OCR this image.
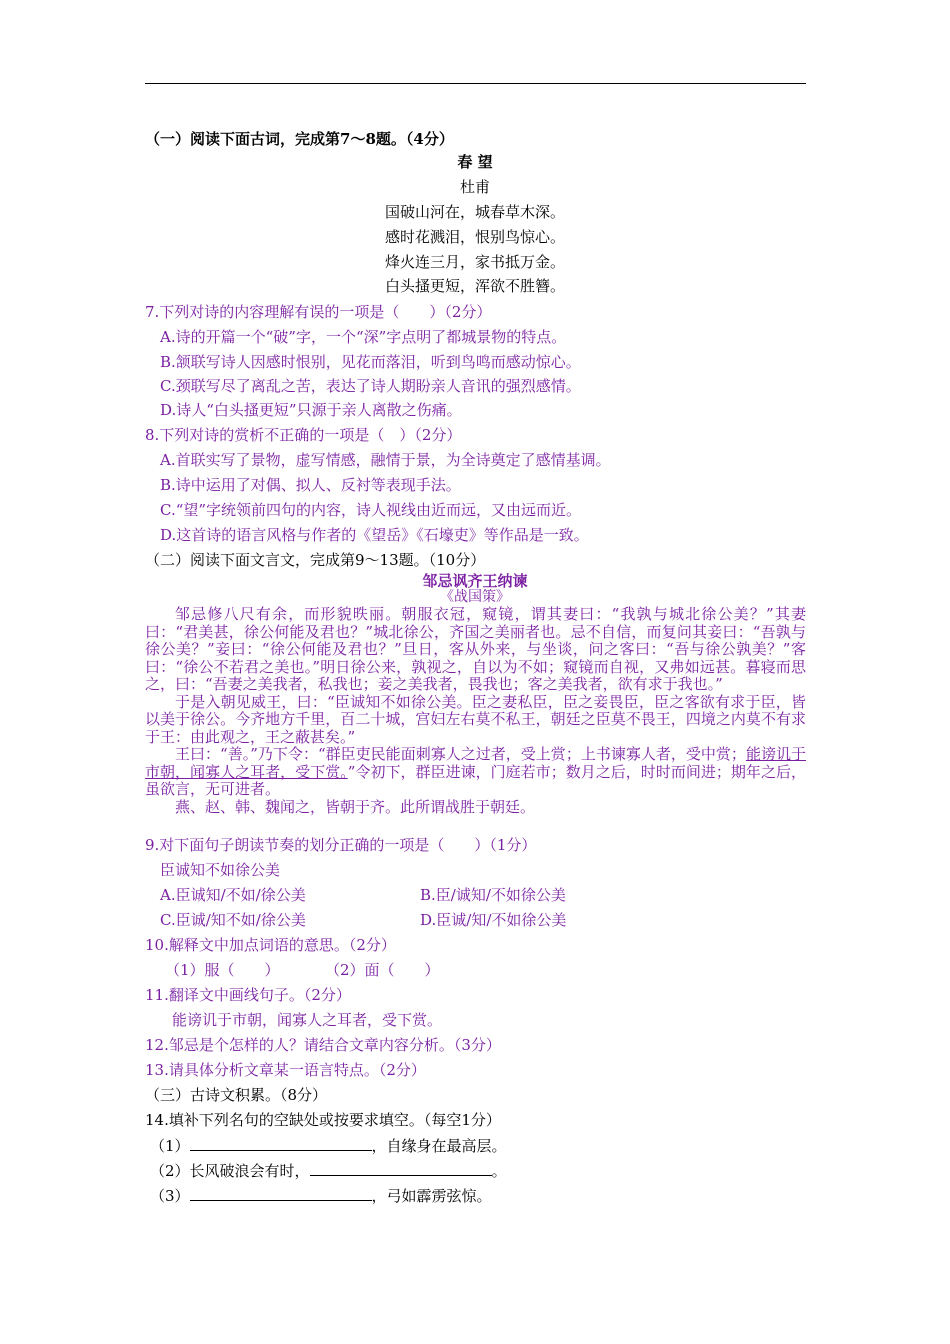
（一）阅读下面古词，完成第7～8题。（4分）
春 望
杜甫
国破山河在，城春草木深。
感时花溅泪，恨别鸟惊心。
烽火连三月，家书抵万金。
白头搔更短，浑欲不胜簪。
7.下列对诗的内容理解有误的一项是（　　）（2分）
A.诗的开篇一个“破”字，一个“深”字点明了都城景物的特点。
B.颔联写诗人因感时恨别，见花而落泪，听到鸟鸣而感动惊心。
C.颈联写尽了离乱之苦，表达了诗人期盼亲人音讯的强烈感情。
D.诗人“白头搔更短”只源于亲人离散之伤痛。
8.下列对诗的赏析不正确的一项是（　）（2分）
A.首联实写了景物，虚写情感，融情于景，为全诗奠定了感情基调。
B.诗中运用了对偶、拟人、反衬等表现手法。
C.“望”字统领前四句的内容，诗人视线由近而远，又由远而近。
D.这首诗的语言风格与作者的《望岳》《石壕吏》等作品是一致。
（二）阅读下面文言文，完成第9～13题。（10分）
邹忌讽齐王纳谏
《战国策》

邹忌修八尺有余，而形貌昳丽。朝服衣冠，窥镜，谓其妻曰：“我孰与城北徐公美？”其妻曰：“君美甚，徐公何能及君也？”城北徐公，齐国之美丽者也。忌不自信，而复问其妾曰：“吾孰与徐公美？”妾曰：“徐公何能及君也？”旦日，客从外来，与坐谈，问之客曰：“吾与徐公孰美？”客曰：“徐公不若君之美也。”明日徐公来，孰视之，自以为不如；窥镜而自视，又弗如远甚。暮寝而思之，曰：“吾妻之美我者，私我也；妾之美我者，畏我也；客之美我者，欲有求于我也。”

于是入朝见威王，曰：“臣诚知不如徐公美。臣之妻私臣，臣之妾畏臣，臣之客欲有求于臣，皆以美于徐公。今齐地方千里，百二十城，宫妇左右莫不私王，朝廷之臣莫不畏王，四境之内莫不有求于王：由此观之，王之蔽甚矣。”

王曰：“善。”乃下令：“群臣吏民能面刺寡人之过者，受上赏；上书谏寡人者，受中赏；能谤讥于市朝，闻寡人之耳者，受下赏。”令初下，群臣进谏，门庭若市；数月之后，时时而间进；期年之后，虽欲言，无可进者。

燕、赵、韩、魏闻之，皆朝于齐。此所谓战胜于朝廷。

9.对下面句子朗读节奏的划分正确的一项是（　　）（1分）
臣诚知不如徐公美
A.臣诚知/不如/徐公美	B.臣/诚知/不如徐公美
C.臣诚/知不如/徐公美	D.臣诚/知/不如徐公美
10.解释文中加点词语的意思。（2分）
（1）服（　　）	（2）面（　　）
11.翻译文中画线句子。（2分）
能谤讥于市朝，闻寡人之耳者，受下赏。
12.邹忌是个怎样的人？请结合文章内容分析。（3分）
13.请具体分析文章某一语言特点。（2分）
（三）古诗文积累。（8分）
14.填补下列名句的空缺处或按要求填空。（每空1分）
（1）	，自缘身在最高层。
（2）长风破浪会有时，	。
（3）	，弓如霹雳弦惊。
